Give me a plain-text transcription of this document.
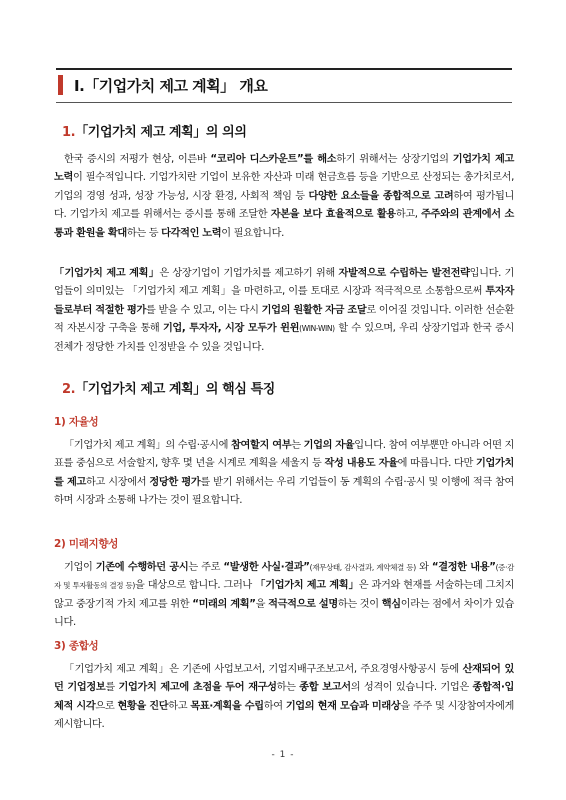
Ⅰ.「기업가치 제고 계획」 개요
1.「기업가치 제고 계획」의 의의

한국 증시의 저평가 현상, 이른바 “코리아 디스카운트”를 해소하기 위해서는 상장기업의 기업가치 제고 노력이 필수적입니다. 기업가치란 기업이 보유한 자산과 미래 현금흐름 등을 기반으로 산정되는 총가치로서, 기업의 경영 성과, 성장 가능성, 시장 환경, 사회적 책임 등 다양한 요소들을 종합적으로 고려하여 평가됩니다. 기업가치 제고를 위해서는 증시를 통해 조달한 자본을 보다 효율적으로 활용하고, 주주와의 관계에서 소통과 환원을 확대하는 등 다각적인 노력이 필요합니다.

「기업가치 제고 계획」은 상장기업이 기업가치를 제고하기 위해 자발적으로 수립하는 발전전략입니다. 기업들이 의미있는 「기업가치 제고 계획」을 마련하고, 이를 토대로 시장과 적극적으로 소통함으로써 투자자들로부터 적절한 평가를 받을 수 있고, 이는 다시 기업의 원활한 자금 조달로 이어질 것입니다. 이러한 선순환적 자본시장 구축을 통해 기업, 투자자, 시장 모두가 윈윈(WIN-WIN) 할 수 있으며, 우리 상장기업과 한국 증시 전체가 정당한 가치를 인정받을 수 있을 것입니다.

2.「기업가치 제고 계획」의 핵심 특징
1) 자율성

「기업가치 제고 계획」의 수립·공시에 참여할지 여부는 기업의 자율입니다. 참여 여부뿐만 아니라 어떤 지표를 중심으로 서술할지, 향후 몇 년을 시계로 계획을 세울지 등 작성 내용도 자율에 따릅니다. 다만 기업가치를 제고하고 시장에서 정당한 평가를 받기 위해서는 우리 기업들이 동 계획의 수립·공시 및 이행에 적극 참여하며 시장과 소통해 나가는 것이 필요합니다.

2) 미래지향성

기업이 기존에 수행하던 공시는 주로 “발생한 사실·결과”(재무상태, 감사결과, 계약체결 등) 와 “결정한 내용”(증·감자 및 투자활동의 결정 등)을 대상으로 합니다. 그러나 「기업가치 제고 계획」은 과거와 현재를 서술하는데 그치지 않고 중장기적 가치 제고를 위한 “미래의 계획”을 적극적으로 설명하는 것이 핵심이라는 점에서 차이가 있습니다.

3) 종합성

「기업가치 제고 계획」은 기존에 사업보고서, 기업지배구조보고서, 주요경영사항공시 등에 산재되어 있던 기업정보를 기업가치 제고에 초점을 두어 재구성하는 종합 보고서의 성격이 있습니다. 기업은 종합적·입체적 시각으로 현황을 진단하고 목표·계획을 수립하여 기업의 현재 모습과 미래상을 주주 및 시장참여자에게 제시합니다.

- 1 -
